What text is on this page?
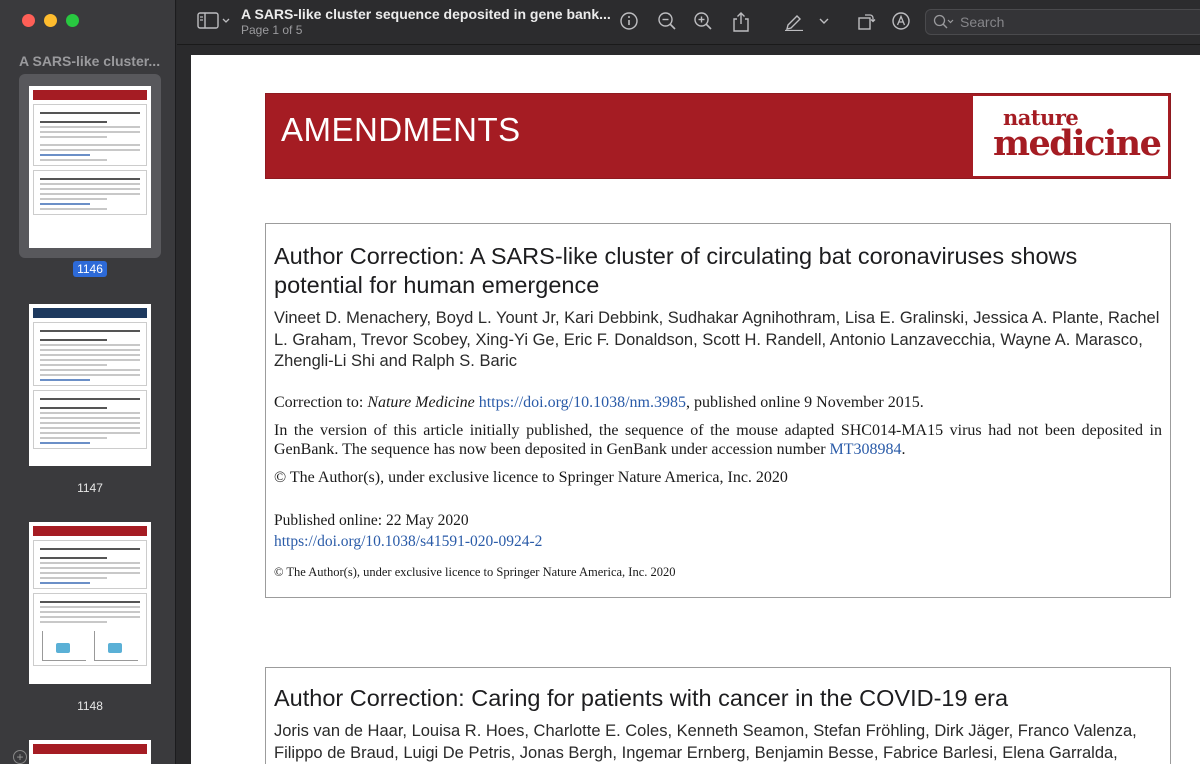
A SARS-like cluster...
1146
1147
1148
+
A SARS-like cluster sequence deposited in gene bank...
Page 1 of 5
Search
AMENDMENTS	nature
medicine
Author Correction: A SARS-like cluster of circulating bat coronaviruses shows potential for human emergence
Vineet D. Menachery, Boyd L. Yount Jr, Kari Debbink, Sudhakar Agnihothram, Lisa E. Gralinski, Jessica A. Plante, Rachel L. Graham, Trevor Scobey, Xing-Yi Ge, Eric F. Donaldson, Scott H. Randell, Antonio Lanzavecchia, Wayne A. Marasco, Zhengli-Li Shi and Ralph S. Baric
Correction to: Nature Medicine https://doi.org/10.1038/nm.3985, published online 9 November 2015.
In the version of this article initially published, the sequence of the mouse adapted SHC014-MA15 virus had not been deposited in GenBank. The sequence has now been deposited in GenBank under accession number MT308984.
© The Author(s), under exclusive licence to Springer Nature America, Inc. 2020
Published online: 22 May 2020
https://doi.org/10.1038/s41591-020-0924-2
© The Author(s), under exclusive licence to Springer Nature America, Inc. 2020
Author Correction: Caring for patients with cancer in the COVID-19 era
Joris van de Haar, Louisa R. Hoes, Charlotte E. Coles, Kenneth Seamon, Stefan Fröhling, Dirk Jäger, Franco Valenza, Filippo de Braud, Luigi De Petris, Jonas Bergh, Ingemar Ernberg, Benjamin Besse, Fabrice Barlesi, Elena Garralda,
